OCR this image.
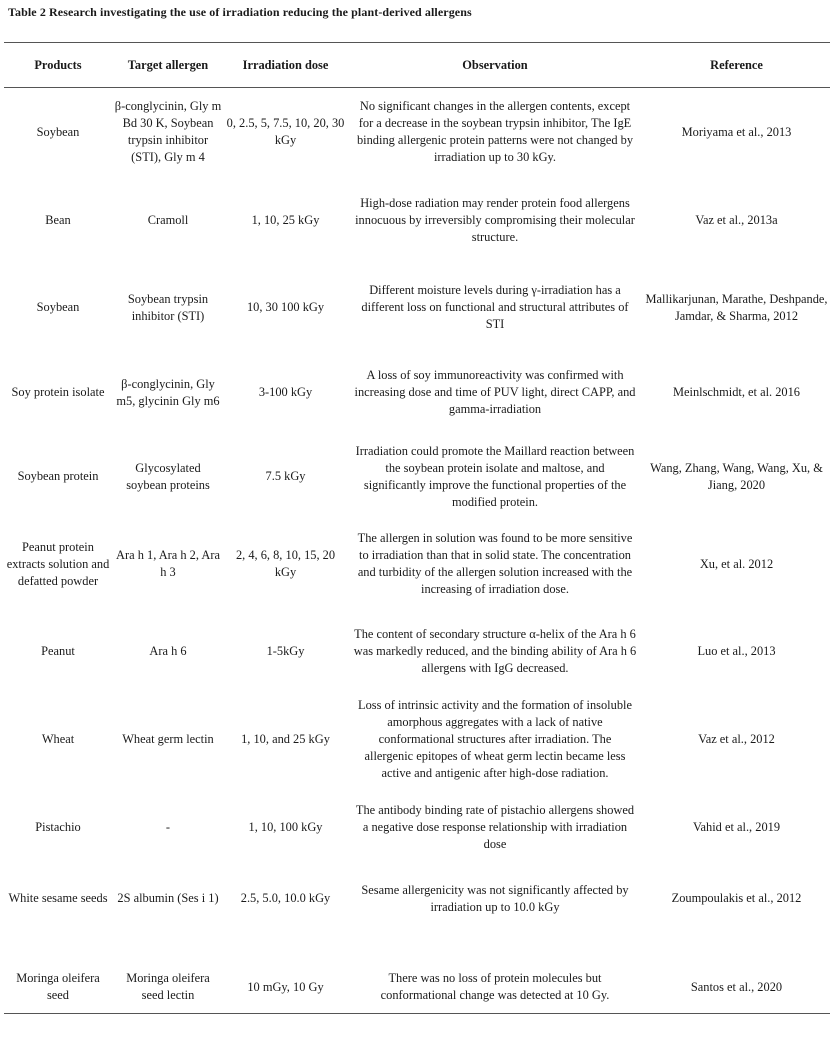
Table 2 Research investigating the use of irradiation reducing the plant-derived allergens
Products	Target allergen	Irradiation dose	Observation	Reference
Soybean	β-conglycinin, Gly m Bd 30 K, Soybean trypsin inhibitor (STI), Gly m 4	0, 2.5, 5, 7.5, 10, 20, 30 kGy	No significant changes in the allergen contents, except for a decrease in the soybean trypsin inhibitor, The IgE binding allergenic protein patterns were not changed by irradiation up to 30 kGy.	Moriyama et al., 2013
Bean	Cramoll	1, 10, 25 kGy	High-dose radiation may render protein food allergens innocuous by irreversibly compromising their molecular structure.	Vaz et al., 2013a
Soybean	Soybean trypsin inhibitor (STI)	10, 30 100 kGy	Different moisture levels during γ-irradiation has a different loss on functional and structural attributes of STI	Mallikarjunan, Marathe, Deshpande, Jamdar, & Sharma, 2012
Soy protein isolate	β-conglycinin, Gly m5, glycinin Gly m6	3-100 kGy	A loss of soy immunoreactivity was confirmed with increasing dose and time of PUV light, direct CAPP, and gamma-irradiation	Meinlschmidt, et al. 2016
Soybean protein	Glycosylated soybean proteins	7.5 kGy	Irradiation could promote the Maillard reaction between the soybean protein isolate and maltose, and significantly improve the functional properties of the modified protein.	Wang, Zhang, Wang, Wang, Xu, & Jiang, 2020
Peanut protein extracts solution and defatted powder	Ara h 1, Ara h 2, Ara h 3	2, 4, 6, 8, 10, 15, 20 kGy	The allergen in solution was found to be more sensitive to irradiation than that in solid state. The concentration and turbidity of the allergen solution increased with the increasing of irradiation dose.	Xu, et al. 2012
Peanut	Ara h 6	1-5kGy	The content of secondary structure α-helix of the Ara h 6 was markedly reduced, and the binding ability of Ara h 6 allergens with IgG decreased.	Luo et al., 2013
Wheat	Wheat germ lectin	1, 10, and 25 kGy	Loss of intrinsic activity and the formation of insoluble amorphous aggregates with a lack of native conformational structures after irradiation. The allergenic epitopes of wheat germ lectin became less active and antigenic after high-dose radiation.	Vaz et al., 2012
Pistachio	-	1, 10, 100 kGy	The antibody binding rate of pistachio allergens showed a negative dose response relationship with irradiation dose	Vahid et al., 2019
White sesame seeds	2S albumin (Ses i 1)	2.5, 5.0, 10.0 kGy	Sesame allergenicity was not significantly affected by irradiation up to 10.0 kGy	Zoumpoulakis et al., 2012
Moringa oleifera seed	Moringa oleifera seed lectin	10 mGy, 10 Gy	There was no loss of protein molecules but conformational change was detected at 10 Gy.	Santos et al., 2020
